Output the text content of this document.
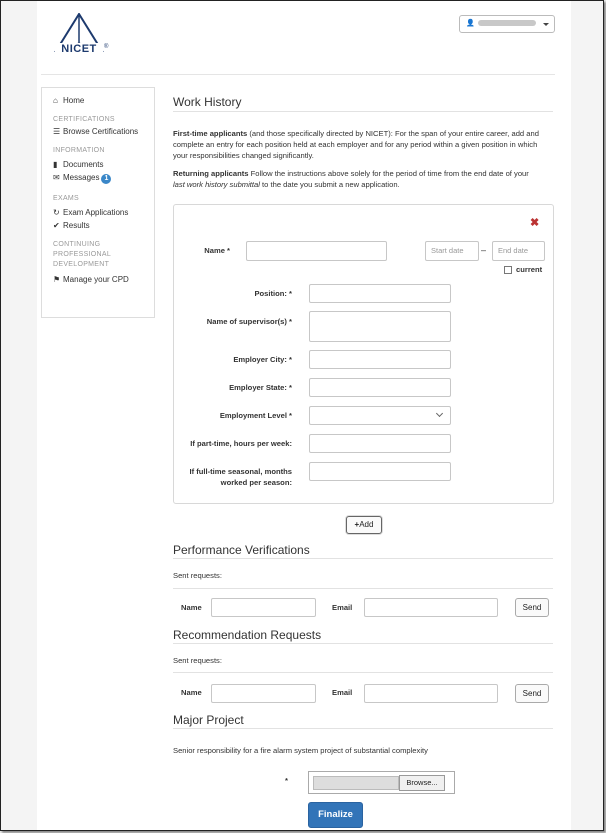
NICET	®
👤
⌂ Home
CERTIFICATIONS
☰ Browse Certifications
INFORMATION
▮ Documents
✉ Messages 1
EXAMS
↻ Exam Applications
✔ Results
CONTINUING
PROFESSIONAL
DEVELOPMENT
⚑ Manage your CPD
Work History
First-time applicants (and those specifically directed by NICET): For the span of your entire career, add and
complete an entry for each position held at each employer and for any period within a given position in which
your responsibilities changed significantly.
Returning applicants Follow the instructions above solely for the period of time from the end date of your
last work history submittal to the date you submit a new application.
✖
Name *	Start date	–	End date
current
Position: *
Name of supervisor(s) *
Employer City: *
Employer State: *
Employment Level *
If part-time, hours per week:
If full-time seasonal, months
worked per season:
+Add
Performance Verifications
Sent requests:
Name	Email	Send
Recommendation Requests
Sent requests:
Name	Email	Send
Major Project
Senior responsibility for a fire alarm system project of substantial complexity
*	Browse...
Finalize
